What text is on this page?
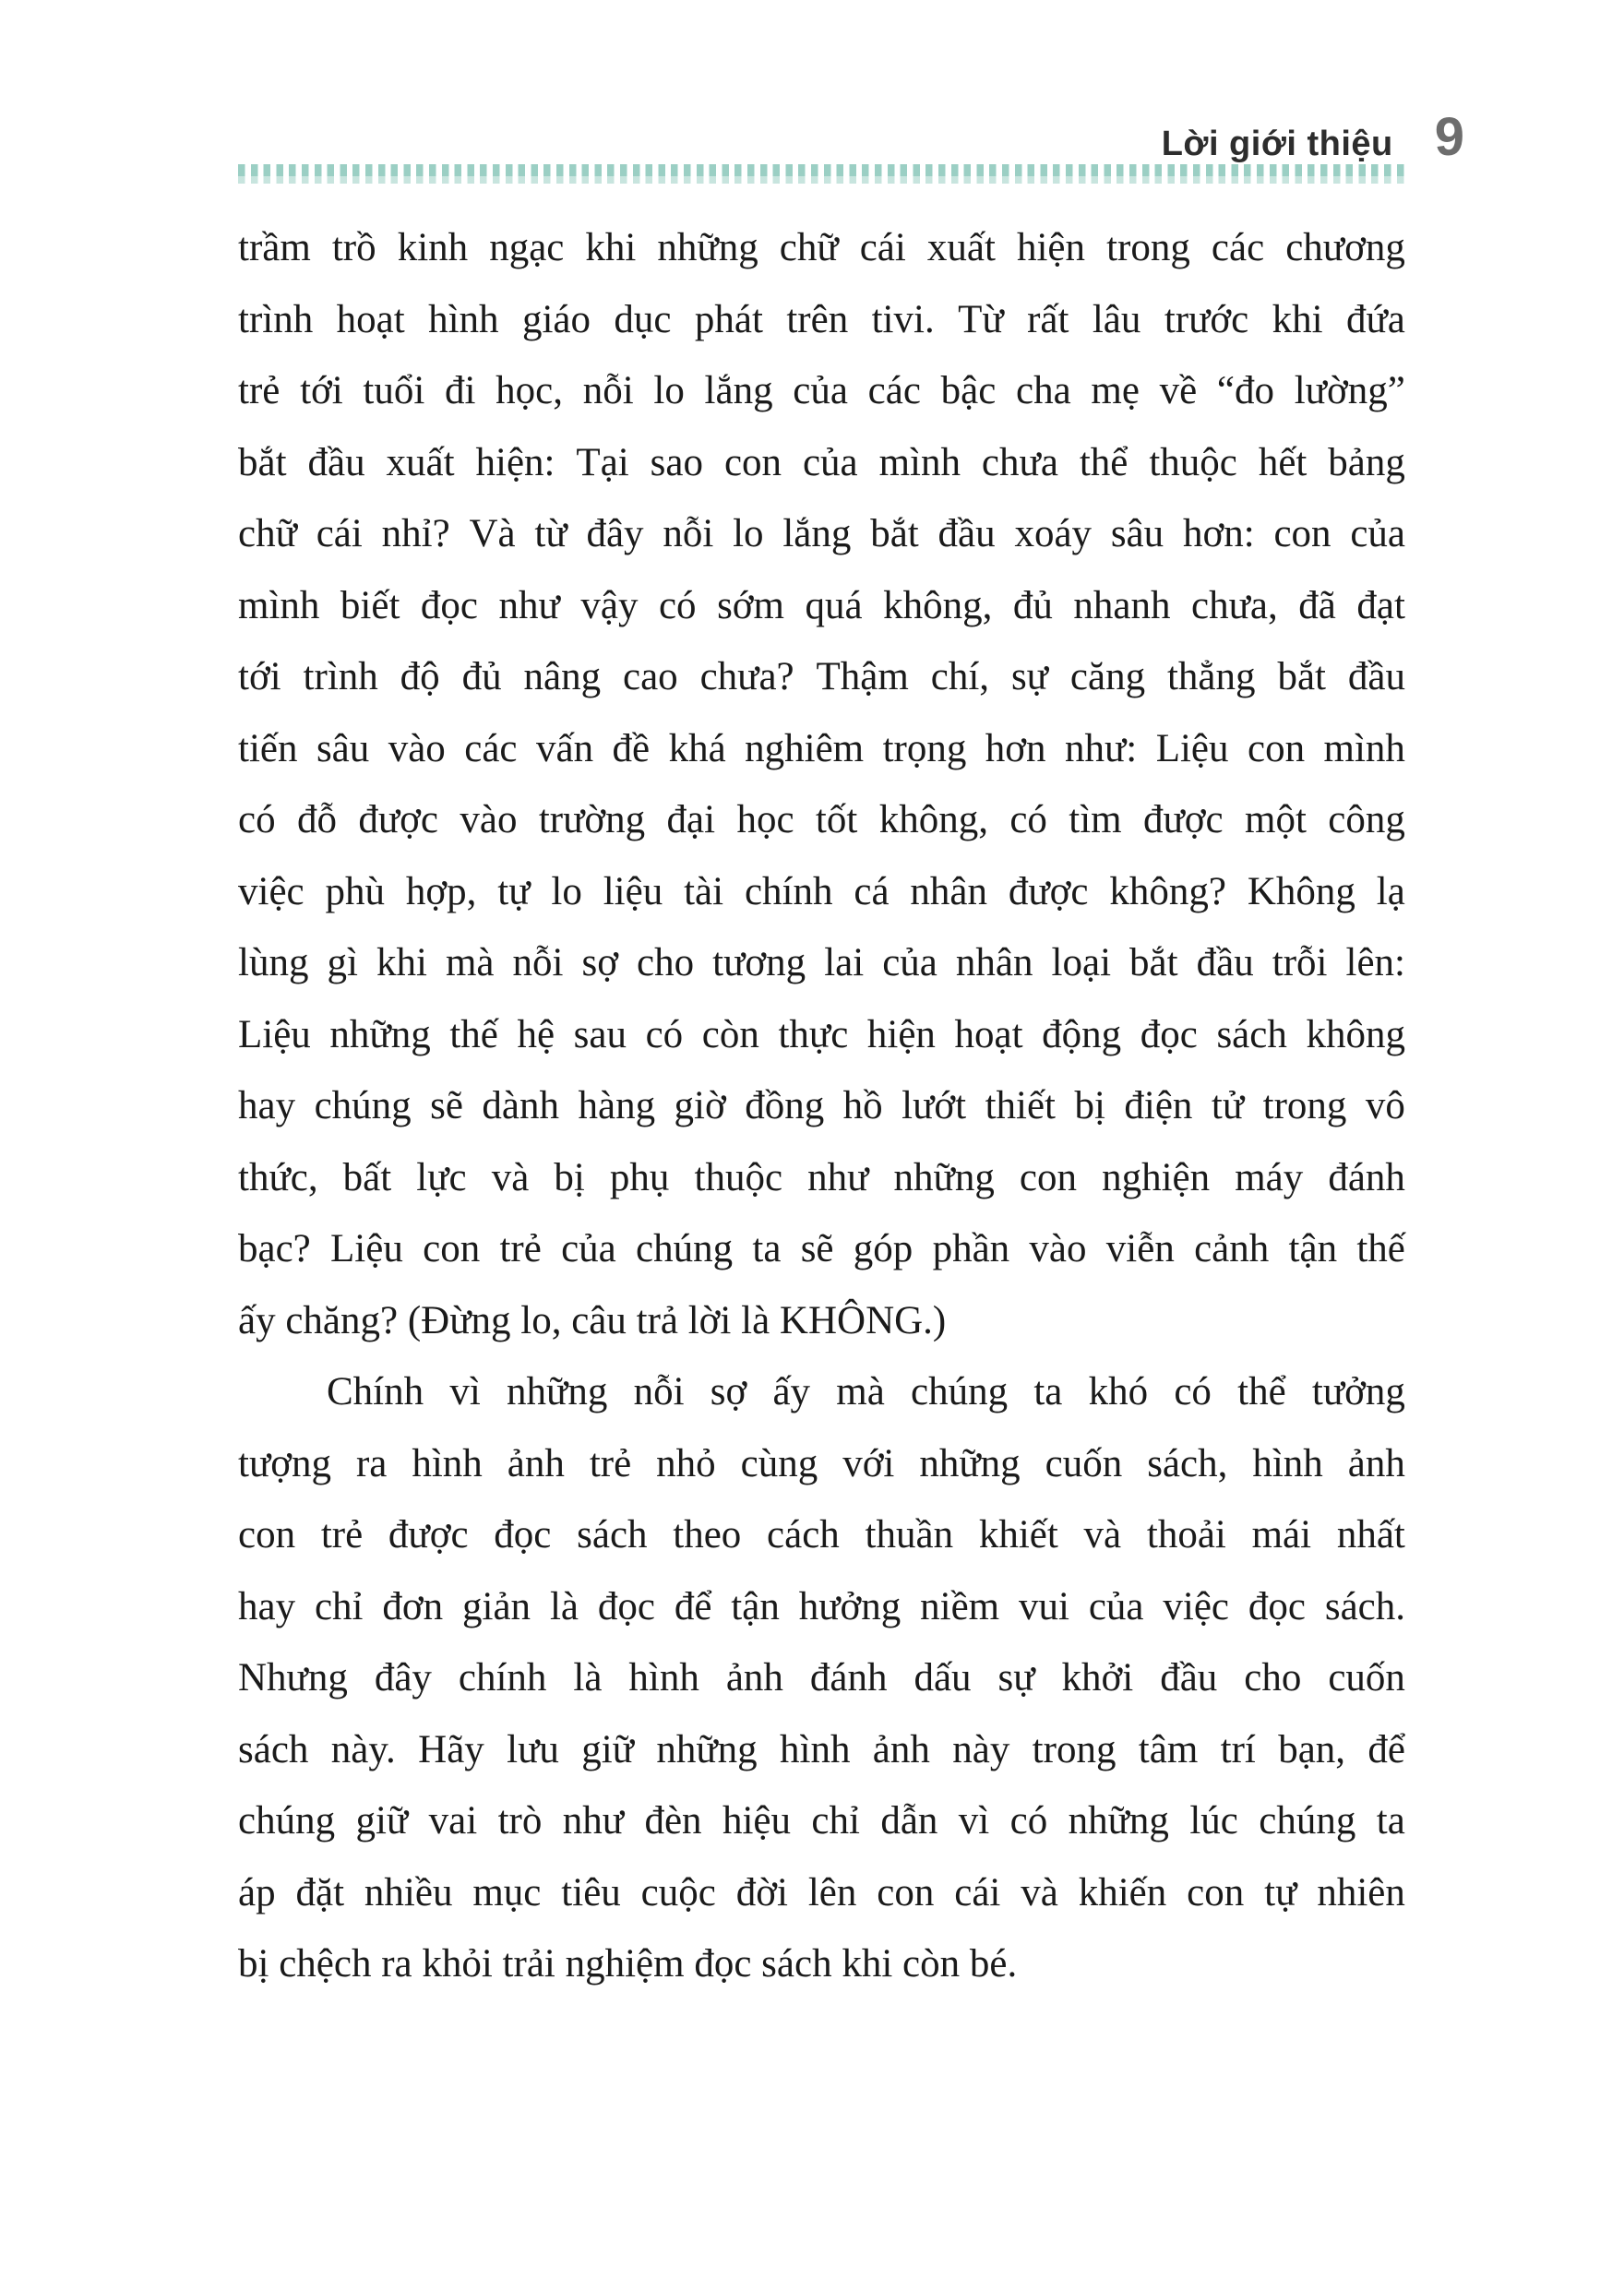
Lời giới thiệu 9
trầm trồ kinh ngạc khi những chữ cái xuất hiện trong các chương
trình hoạt hình giáo dục phát trên tivi. Từ rất lâu trước khi đứa
trẻ tới tuổi đi học, nỗi lo lắng của các bậc cha mẹ về “đo lường”
bắt đầu xuất hiện: Tại sao con của mình chưa thể thuộc hết bảng
chữ cái nhỉ? Và từ đây nỗi lo lắng bắt đầu xoáy sâu hơn: con của
mình biết đọc như vậy có sớm quá không, đủ nhanh chưa, đã đạt
tới trình độ đủ nâng cao chưa? Thậm chí, sự căng thẳng bắt đầu
tiến sâu vào các vấn đề khá nghiêm trọng hơn như: Liệu con mình
có đỗ được vào trường đại học tốt không, có tìm được một công
việc phù hợp, tự lo liệu tài chính cá nhân được không? Không lạ
lùng gì khi mà nỗi sợ cho tương lai của nhân loại bắt đầu trỗi lên:
Liệu những thế hệ sau có còn thực hiện hoạt động đọc sách không
hay chúng sẽ dành hàng giờ đồng hồ lướt thiết bị điện tử trong vô
thức, bất lực và bị phụ thuộc như những con nghiện máy đánh
bạc? Liệu con trẻ của chúng ta sẽ góp phần vào viễn cảnh tận thế
ấy chăng? (Đừng lo, câu trả lời là KHÔNG.)
Chính vì những nỗi sợ ấy mà chúng ta khó có thể tưởng
tượng ra hình ảnh trẻ nhỏ cùng với những cuốn sách, hình ảnh
con trẻ được đọc sách theo cách thuần khiết và thoải mái nhất
hay chỉ đơn giản là đọc để tận hưởng niềm vui của việc đọc sách.
Nhưng đây chính là hình ảnh đánh dấu sự khởi đầu cho cuốn
sách này. Hãy lưu giữ những hình ảnh này trong tâm trí bạn, để
chúng giữ vai trò như đèn hiệu chỉ dẫn vì có những lúc chúng ta
áp đặt nhiều mục tiêu cuộc đời lên con cái và khiến con tự nhiên
bị chệch ra khỏi trải nghiệm đọc sách khi còn bé.
